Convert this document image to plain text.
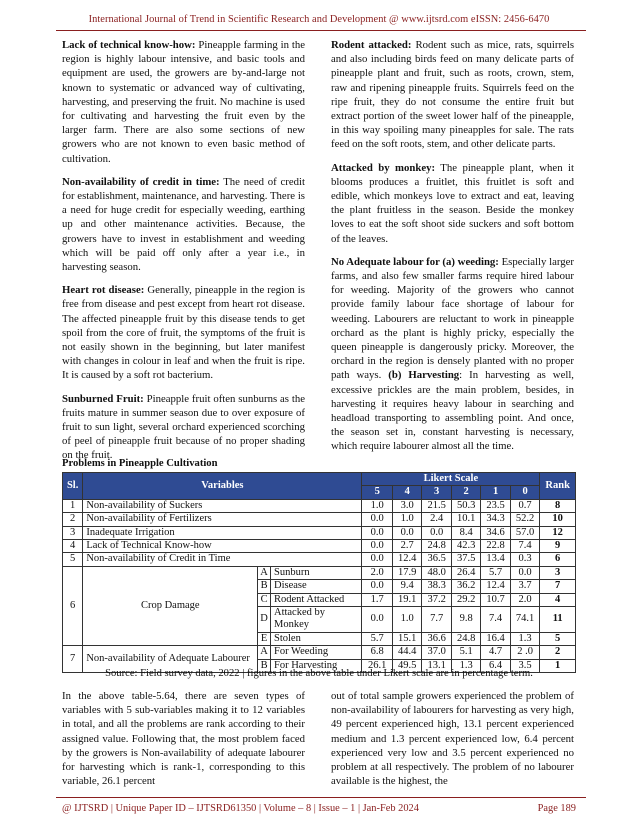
International Journal of Trend in Scientific Research and Development @ www.ijtsrd.com eISSN: 2456-6470

Lack of technical know-how: Pineapple farming in the region is highly labour intensive, and basic tools and equipment are used, the growers are by-and-large not known to systematic or advanced way of cultivating, harvesting, and preserving the fruit. No machine is used for cultivating and harvesting the fruit even by the larger farm. There are also some sections of new growers who are not known to even basic method of cultivation.

Non-availability of credit in time: The need of credit for establishment, maintenance, and harvesting. There is a need for huge credit for especially weeding, earthing up and other maintenance activities. Because, the growers have to invest in establishment and weeding which will be paid off only after a year i.e., in harvesting season.

Heart rot disease: Generally, pineapple in the region is free from disease and pest except from heart rot disease. The affected pineapple fruit by this disease tends to get spoil from the core of fruit, the symptoms of the fruit is not easily shown in the beginning, but later manifest with changes in colour in leaf and when the fruit is ripe. It is caused by a soft rot bacterium.

Sunburned Fruit: Pineapple fruit often sunburns as the fruits mature in summer season due to over exposure of fruit to sun light, several orchard experienced scorching of peel of pineapple fruit because of no proper shading on the fruit.

Rodent attacked: Rodent such as mice, rats, squirrels and also including birds feed on many delicate parts of pineapple plant and fruit, such as roots, crown, stem, raw and ripening pineapple fruits. Squirrels feed on the ripe fruit, they do not consume the entire fruit but extract portion of the sweet lower half of the pineapple, in this way spoiling many pineapples for sale. The rats feed on the soft roots, stem, and other delicate parts.

Attacked by monkey: The pineapple plant, when it blooms produces a fruitlet, this fruitlet is soft and edible, which monkeys love to extract and eat, leaving the plant fruitless in the season. Beside the monkey loves to eat the soft shoot side suckers and soft bottom of the leaves.

No Adequate labour for (a) weeding: Especially larger farms, and also few smaller farms require hired labour for weeding. Majority of the growers who cannot provide family labour face shortage of labour for weeding. Labourers are reluctant to work in pineapple orchard as the plant is highly pricky, especially the queen pineapple is dangerously pricky. Moreover, the orchard in the region is densely planted with no proper path ways. (b) Harvesting: In harvesting as well, excessive prickles are the main problem, besides, in harvesting it requires heavy labour in searching and headload transporting to assembling point. And once, the season set in, constant harvesting is necessary, which require labourer almost all the time.

Problems in Pineapple Cultivation
Sl.	Variables			Likert Scale						Rank
				5	4	3	2	1	0	
1	Non-availability of Suckers			1.0	3.0	21.5	50.3	23.5	0.7	8
2	Non-availability of Fertilizers			0.0	1.0	2.4	10.1	34.3	52.2	10
3	Inadequate Irrigation			0.0	0.0	0.0	8.4	34.6	57.0	12
4	Lack of Technical Know-how			0.0	2.7	24.8	42.3	22.8	7.4	9
5	Non-availability of Credit in Time			0.0	12.4	36.5	37.5	13.4	0.3	6
6	Crop Damage	A	Sunburn	2.0	17.9	48.0	26.4	5.7	0.0	3
		B	Disease	0.0	9.4	38.3	36.2	12.4	3.7	7
		C	Rodent Attacked	1.7	19.1	37.2	29.2	10.7	2.0	4
		D	Attacked by Monkey	0.0	1.0	7.7	9.8	7.4	74.1	11
		E	Stolen	5.7	15.1	36.6	24.8	16.4	1.3	5
7	Non-availability of Adequate Labourer	A	For Weeding	6.8	44.4	37.0	5.1	4.7	2 .0	2
		B	For Harvesting	26.1	49.5	13.1	1.3	6.4	3.5	1
Source: Field survey data, 2022 | figures in the above table under Likert scale are in percentage term.
In the above table-5.64, there are seven types of variables with 5 sub-variables making it to 12 variables in total, and all the problems are rank according to their assigned value. Following that, the most problem faced by the growers is Non-availability of adequate labourer for harvesting which is rank-1, corresponding to this variable, 26.1 percent
out of total sample growers experienced the problem of non-availability of labourers for harvesting as very high, 49 percent experienced high, 13.1 percent experienced medium and 1.3 percent experienced low, 6.4 percent experienced very low and 3.5 percent experienced no problem at all respectively. The problem of no labourer available is the highest, the
@ IJTSRD | Unique Paper ID – IJTSRD61350 | Volume – 8 | Issue – 1 | Jan-Feb 2024	Page 189
